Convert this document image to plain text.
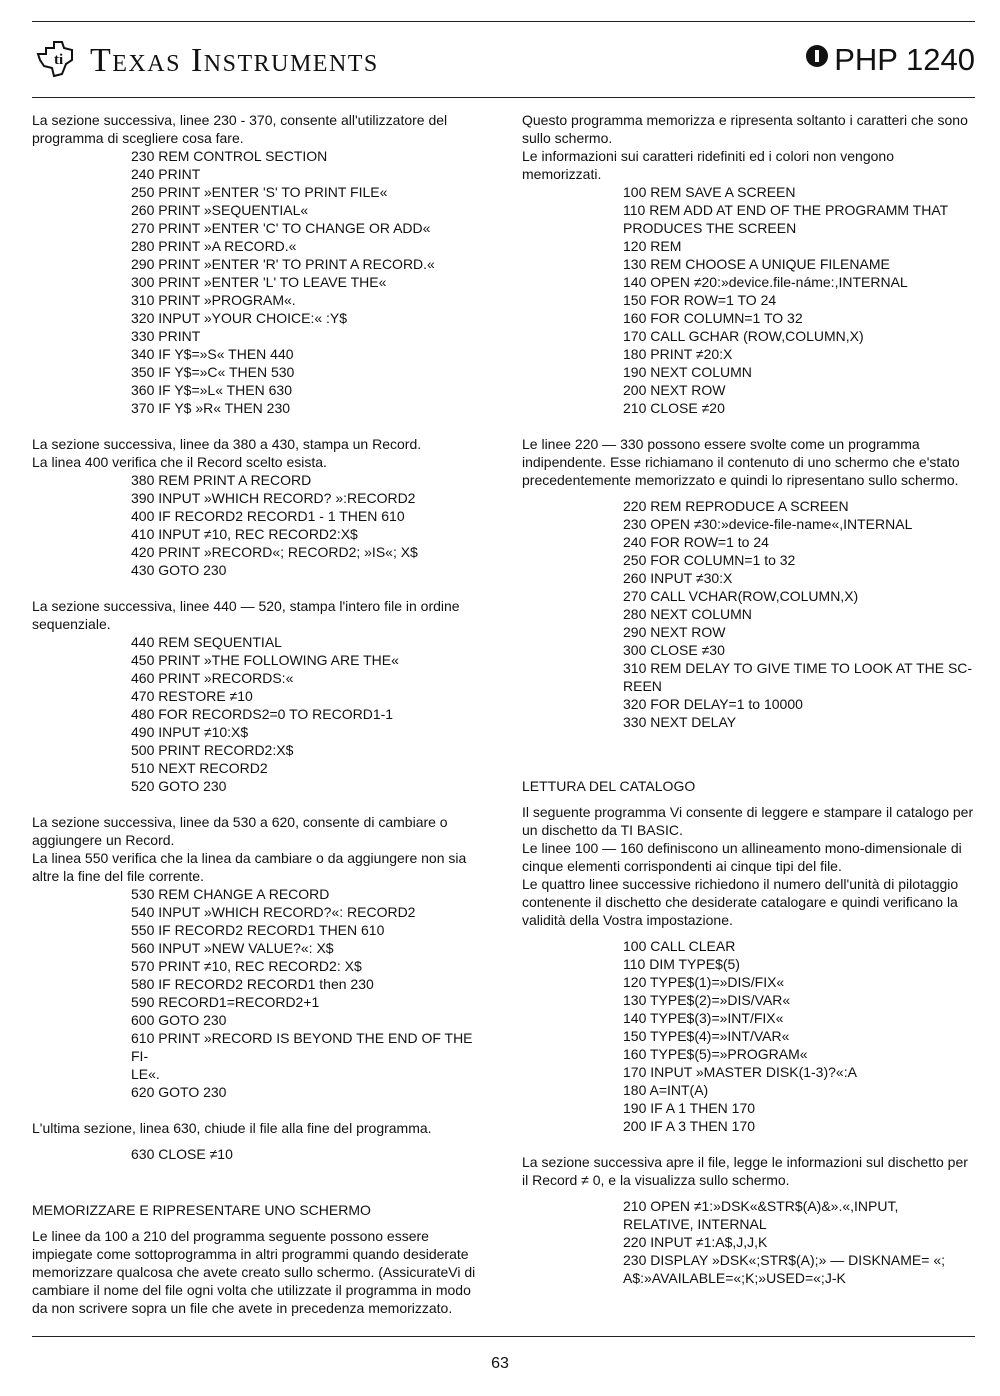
ti Texas Instruments	PHP 1240

La sezione successiva, linee 230 - 370, consente all'utilizzatore del programma di scegliere cosa fare.

230 REM CONTROL SECTION
240 PRINT
250 PRINT »ENTER 'S' TO PRINT FILE«
260 PRINT »SEQUENTIAL«
270 PRINT »ENTER 'C' TO CHANGE OR ADD«
280 PRINT »A RECORD.«
290 PRINT »ENTER 'R' TO PRINT A RECORD.«
300 PRINT »ENTER 'L' TO LEAVE THE«
310 PRINT »PROGRAM«.
320 INPUT »YOUR CHOICE:« :Y$
330 PRINT
340 IF Y$=»S« THEN 440
350 IF Y$=»C« THEN 530
360 IF Y$=»L« THEN 630
370 IF Y$ »R« THEN 230

La sezione successiva, linee da 380 a 430, stampa un Record.

La linea 400 verifica che il Record scelto esista.

380 REM PRINT A RECORD
390 INPUT »WHICH RECORD? »:RECORD2
400 IF RECORD2 RECORD1 - 1 THEN 610
410 INPUT ≠10, REC RECORD2:X$
420 PRINT »RECORD«; RECORD2; »IS«; X$
430 GOTO 230

La sezione successiva, linee 440 — 520, stampa l'intero file in ordine sequenziale.

440 REM SEQUENTIAL
450 PRINT »THE FOLLOWING ARE THE«
460 PRINT »RECORDS:«
470 RESTORE ≠10
480 FOR RECORDS2=0 TO RECORD1-1
490 INPUT ≠10:X$
500 PRINT RECORD2:X$
510 NEXT RECORD2
520 GOTO 230

La sezione successiva, linee da 530 a 620, consente di cambiare o aggiungere un Record.

La linea 550 verifica che la linea da cambiare o da aggiungere non sia altre la fine del file corrente.

530 REM CHANGE A RECORD
540 INPUT »WHICH RECORD?«: RECORD2
550 IF RECORD2 RECORD1 THEN 610
560 INPUT »NEW VALUE?«: X$
570 PRINT ≠10, REC RECORD2: X$
580 IF RECORD2 RECORD1 then 230
590 RECORD1=RECORD2+1
600 GOTO 230
610 PRINT »RECORD IS BEYOND THE END OF THE FI-
LE«.
620 GOTO 230

L'ultima sezione, linea 630, chiude il file alla fine del programma.

630 CLOSE ≠10

MEMORIZZARE E RIPRESENTARE UNO SCHERMO

Le linee da 100 a 210 del programma seguente possono essere impiegate come sottoprogramma in altri programmi quando desiderate memorizzare qualcosa che avete creato sullo schermo. (AssicurateVi di cambiare il nome del file ogni volta che utilizzate il programma in modo da non scrivere sopra un file che avete in precedenza memorizzato.

Questo programma memorizza e ripresenta soltanto i caratteri che sono sullo schermo.

Le informazioni sui caratteri ridefiniti ed i colori non vengono memorizzati.

100 REM SAVE A SCREEN
110 REM ADD AT END OF THE PROGRAMM THAT
PRODUCES THE SCREEN
120 REM
130 REM CHOOSE A UNIQUE FILENAME
140 OPEN ≠20:»device.file-náme:,INTERNAL
150 FOR ROW=1 TO 24
160 FOR COLUMN=1 TO 32
170 CALL GCHAR (ROW,COLUMN,X)
180 PRINT ≠20:X
190 NEXT COLUMN
200 NEXT ROW
210 CLOSE ≠20

Le linee 220 — 330 possono essere svolte come un programma indipendente. Esse richiamano il contenuto di uno schermo che e'stato precedentemente memorizzato e quindi lo ripresentano sullo schermo.

220 REM REPRODUCE A SCREEN
230 OPEN ≠30:»device-file-name«,INTERNAL
240 FOR ROW=1 to 24
250 FOR COLUMN=1 to 32
260 INPUT ≠30:X
270 CALL VCHAR(ROW,COLUMN,X)
280 NEXT COLUMN
290 NEXT ROW
300 CLOSE ≠30
310 REM DELAY TO GIVE TIME TO LOOK AT THE SC-
REEN
320 FOR DELAY=1 to 10000
330 NEXT DELAY

LETTURA DEL CATALOGO

Il seguente programma Vi consente di leggere e stampare il catalogo per un dischetto da TI BASIC.

Le linee 100 — 160 definiscono un allineamento mono-dimensionale di cinque elementi corrispondenti ai cinque tipi del file.

Le quattro linee successive richiedono il numero dell'unità di pilotaggio contenente il dischetto che desiderate catalogare e quindi verificano la validità della Vostra impostazione.

100 CALL CLEAR
110 DIM TYPE$(5)
120 TYPE$(1)=»DIS/FIX«
130 TYPE$(2)=»DIS/VAR«
140 TYPE$(3)=»INT/FIX«
150 TYPE$(4)=»INT/VAR«
160 TYPE$(5)=»PROGRAM«
170 INPUT »MASTER DISK(1-3)?«:A
180 A=INT(A)
190 IF A 1 THEN 170
200 IF A 3 THEN 170

La sezione successiva apre il file, legge le informazioni sul dischetto per il Record ≠ 0, e la visualizza sullo schermo.

210 OPEN ≠1:»DSK«&STR$(A)&».«,INPUT,
RELATIVE, INTERNAL
220 INPUT ≠1:A$,J,J,K
230 DISPLAY »DSK«;STR$(A);» — DISKNAME= «;
A$:»AVAILABLE=«;K;»USED=«;J-K
63
